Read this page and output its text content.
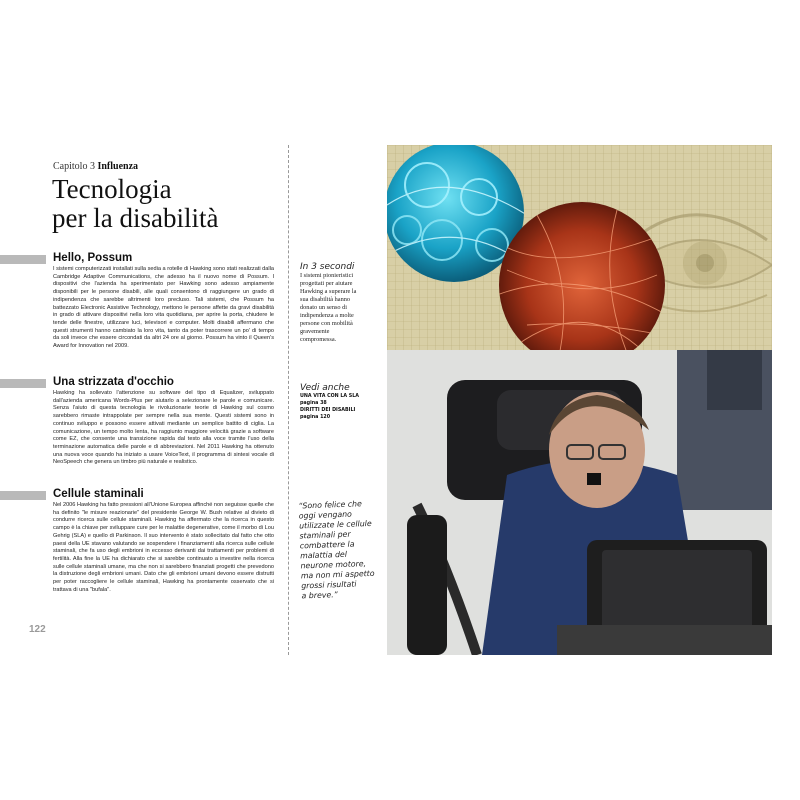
Capitolo 3 Influenza
Tecnologia
per la disabilità
Hello, Possum
I sistemi computerizzati installati sulla sedia a rotelle di Hawking sono stati realizzati dalla Cambridge Adaptive Communications, che adesso ha il nuovo nome di Possum. I dispositivi che l'azienda ha sperimentato per Hawking sono adesso ampiamente disponibili per le persone disabili, alle quali consentono di raggiungere un grado di indipendenza che sarebbe altrimenti loro precluso. Tali sistemi, che Possum ha battezzato Electronic Assistive Technology, mettono le persone affette da gravi disabilità in grado di attivare dispositivi nella loro vita quotidiana, per aprire la porta, chiudere le tende delle finestre, utilizzare luci, televisori e computer. Molti disabili affermano che questi strumenti hanno cambiato la loro vita, tanto da poter trascorrere un po' di tempo da soli invece che essere circondati da altri 24 ore al giorno. Possum ha vinto il Queen's Award for Innovation nel 2009.
Una strizzata d'occhio
Hawking ha sollevato l'attenzione su software del tipo di Equalizer, sviluppato dall'azienda americana Words-Plus per aiutarlo a selezionare le parole e comunicare. Senza l'aiuto di questa tecnologia le rivoluzionarie teorie di Hawking sul cosmo sarebbero rimaste intrappolate per sempre nella sua mente. Questi sistemi sono in continuo sviluppo e possono essere attivati mediante un semplice battito di ciglia. La comunicazione, un tempo molto lenta, ha raggiunto maggiore velocità grazie a software come EZ, che consente una transizione rapida dal testo alla voce tramite l'uso della terminazione automatica delle parole e di abbreviazioni. Nel 2011 Hawking ha ottenuto una nuova voce quando ha iniziato a usare VoiceText, il programma di sintesi vocale di NeoSpeech che genera un timbro più naturale e realistico.
Cellule staminali
Nel 2006 Hawking ha fatto pressioni all'Unione Europea affinché non seguisse quelle che ha definito "le misure reazionarie" del presidente George W. Bush relative al divieto di condurre ricerca sulle cellule staminali. Hawking ha affermato che la ricerca in questo campo è la chiave per sviluppare cure per le malattie degenerative, come il morbo di Lou Gehrig (SLA) e quello di Parkinson. Il suo intervento è stato sollecitato dal fatto che otto paesi della UE stavano valutando se sospendere i finanziamenti alla ricerca sulle cellule staminali, che fa uso degli embrioni in eccesso derivanti dai trattamenti per problemi di fertilità. Alla fine la UE ha dichiarato che si sarebbe continuato a investire nella ricerca sulle cellule staminali umane, ma che non si sarebbero finanziati progetti che prevedono la distruzione degli embrioni umani. Dato che gli embrioni umani devono essere distrutti per poter raccogliere le cellule staminali, Hawking ha prontamente osservato che si trattava di una "bufala".
122
In 3 secondi
I sistemi pionieristici
progettati per aiutare
Hawking a superare la
sua disabilità hanno
donato un senso di
indipendenza a molte
persone con mobilità
gravemente
compromessa.
Vedi anche
UNA VITA CON LA SLA
pagina 38
DIRITTI DEI DISABILI
pagina 120
“Sono felice che
oggi vengano
utilizzate le cellule
staminali per
combattere la
malattia del
neurone motore,
ma non mi aspetto
grossi risultati
a breve.”
